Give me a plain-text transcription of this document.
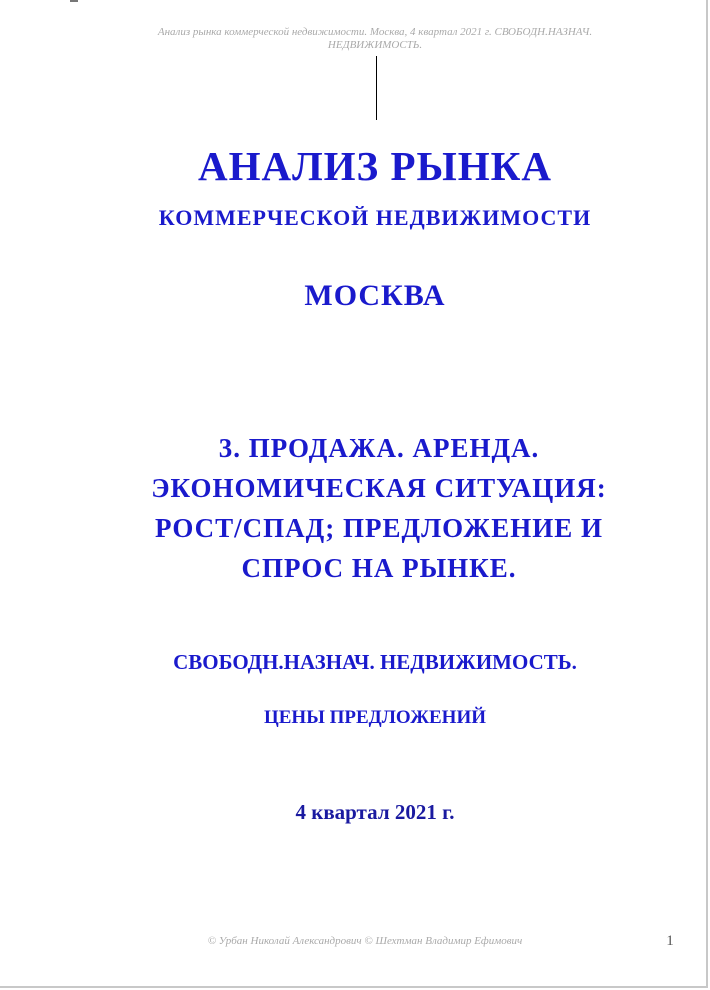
Анализ рынка коммерческой недвижимости. Москва, 4 квартал 2021 г. СВОБОДН.НАЗНАЧ.
НЕДВИЖИМОСТЬ.
АНАЛИЗ РЫНКА
КОММЕРЧЕСКОЙ НЕДВИЖИМОСТИ
МОСКВА
3. ПРОДАЖА. АРЕНДА.
ЭКОНОМИЧЕСКАЯ СИТУАЦИЯ:
РОСТ/СПАД; ПРЕДЛОЖЕНИЕ И
СПРОС НА РЫНКЕ.
СВОБОДН.НАЗНАЧ. НЕДВИЖИМОСТЬ.
ЦЕНЫ ПРЕДЛОЖЕНИЙ
4 квартал 2021 г.
© Урбан Николай Александрович © Шехтман Владимир Ефимович	1
